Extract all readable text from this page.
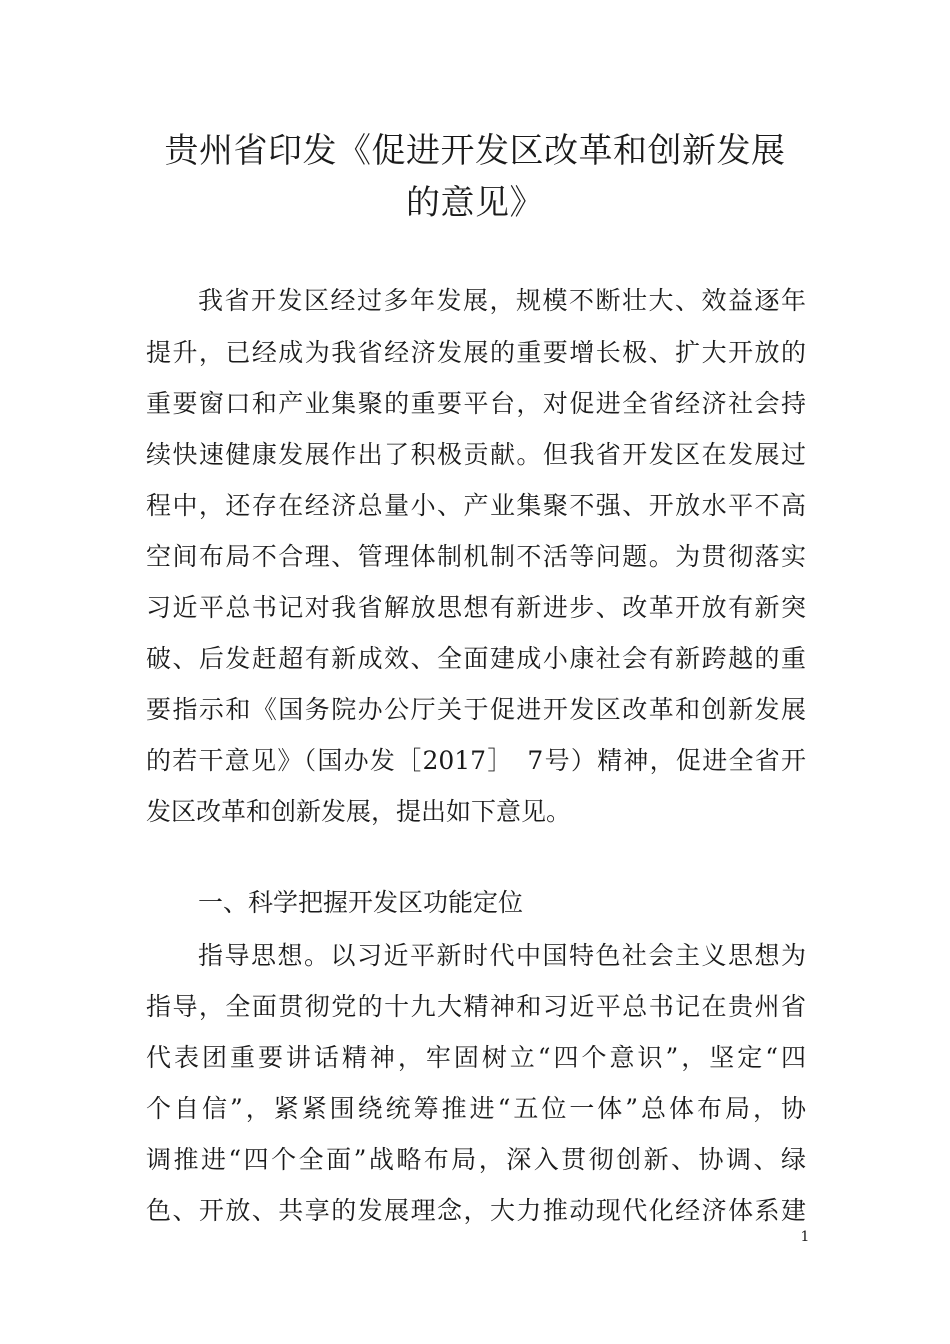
贵州省印发《促进开发区改革和创新发展
的意见》
我省开发区经过多年发展，规模不断壮大、效益逐年
提升，已经成为我省经济发展的重要增长极、扩大开放的
重要窗口和产业集聚的重要平台，对促进全省经济社会持
续快速健康发展作出了积极贡献。但我省开发区在发展过
程中，还存在经济总量小、产业集聚不强、开放水平不高
空间布局不合理、管理体制机制不活等问题。为贯彻落实
习近平总书记对我省解放思想有新进步、改革开放有新突
破、后发赶超有新成效、全面建成小康社会有新跨越的重
要指示和《国务院办公厅关于促进开发区改革和创新发展
的若干意见》（国办发［2017］　7号）精神，促进全省开
发区改革和创新发展，提出如下意见。
一、科学把握开发区功能定位
指导思想。以习近平新时代中国特色社会主义思想为
指导，全面贯彻党的十九大精神和习近平总书记在贵州省
代表团重要讲话精神，牢固树立“四个意识”，坚定“四
个自信”，紧紧围绕统筹推进“五位一体”总体布局，协
调推进“四个全面”战略布局，深入贯彻创新、协调、绿
色、开放、共享的发展理念，大力推动现代化经济体系建
1
